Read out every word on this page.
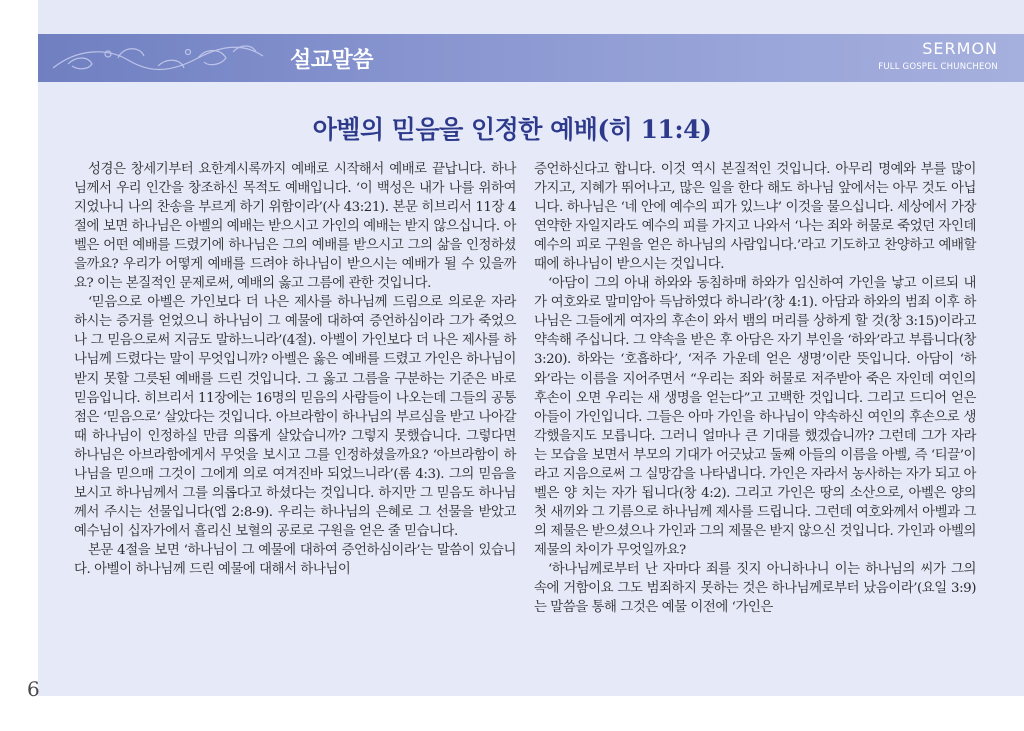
설교말씀	SERMON
FULL GOSPEL CHUNCHEON
아벨의 믿음을 인정한 예배(히 11:4)

성경은 창세기부터 요한계시록까지 예배로 시작해서 예배로 끝납니다. 하나님께서 우리 인간을 창조하신 목적도 예배입니다. ‘이 백성은 내가 나를 위하여 지었나니 나의 찬송을 부르게 하기 위함이라’(사 43:21). 본문 히브리서 11장 4절에 보면 하나님은 아벨의 예배는 받으시고 가인의 예배는 받지 않으십니다. 아벨은 어떤 예배를 드렸기에 하나님은 그의 예배를 받으시고 그의 삶을 인정하셨을까요? 우리가 어떻게 예배를 드려야 하나님이 받으시는 예배가 될 수 있을까요? 이는 본질적인 문제로써, 예배의 옳고 그름에 관한 것입니다.

‘믿음으로 아벨은 가인보다 더 나은 제사를 하나님께 드림으로 의로운 자라 하시는 증거를 얻었으니 하나님이 그 예물에 대하여 증언하심이라 그가 죽었으나 그 믿음으로써 지금도 말하느니라’(4절). 아벨이 가인보다 더 나은 제사를 하나님께 드렸다는 말이 무엇입니까? 아벨은 옳은 예배를 드렸고 가인은 하나님이 받지 못할 그릇된 예배를 드린 것입니다. 그 옳고 그름을 구분하는 기준은 바로 믿음입니다. 히브리서 11장에는 16명의 믿음의 사람들이 나오는데 그들의 공통점은 ‘믿음으로’ 살았다는 것입니다. 아브라함이 하나님의 부르심을 받고 나아갈 때 하나님이 인정하실 만큼 의롭게 살았습니까? 그렇지 못했습니다. 그렇다면 하나님은 아브라함에게서 무엇을 보시고 그를 인정하셨을까요? ‘아브라함이 하나님을 믿으매 그것이 그에게 의로 여겨진바 되었느니라’(롬 4:3). 그의 믿음을 보시고 하나님께서 그를 의롭다고 하셨다는 것입니다. 하지만 그 믿음도 하나님께서 주시는 선물입니다(엡 2:8-9). 우리는 하나님의 은혜로 그 선물을 받았고 예수님이 십자가에서 흘리신 보혈의 공로로 구원을 얻은 줄 믿습니다.

본문 4절을 보면 ‘하나님이 그 예물에 대하여 증언하심이라’는 말씀이 있습니다. 아벨이 하나님께 드린 예물에 대해서 하나님이

증언하신다고 합니다. 이것 역시 본질적인 것입니다. 아무리 명예와 부를 많이 가지고, 지혜가 뛰어나고, 많은 일을 한다 해도 하나님 앞에서는 아무 것도 아닙니다. 하나님은 ‘네 안에 예수의 피가 있느냐’ 이것을 물으십니다. 세상에서 가장 연약한 자일지라도 예수의 피를 가지고 나와서 ‘나는 죄와 허물로 죽었던 자인데 예수의 피로 구원을 얻은 하나님의 사람입니다.’라고 기도하고 찬양하고 예배할 때에 하나님이 받으시는 것입니다.

‘아담이 그의 아내 하와와 동침하매 하와가 임신하여 가인을 낳고 이르되 내가 여호와로 말미암아 득남하였다 하니라’(창 4:1). 아담과 하와의 범죄 이후 하나님은 그들에게 여자의 후손이 와서 뱀의 머리를 상하게 할 것(창 3:15)이라고 약속해 주십니다. 그 약속을 받은 후 아담은 자기 부인을 ‘하와’라고 부릅니다(창 3:20). 하와는 ‘호흡하다’, ‘저주 가운데 얻은 생명’이란 뜻입니다. 아담이 ‘하와’라는 이름을 지어주면서 “우리는 죄와 허물로 저주받아 죽은 자인데 여인의 후손이 오면 우리는 새 생명을 얻는다”고 고백한 것입니다. 그리고 드디어 얻은 아들이 가인입니다. 그들은 아마 가인을 하나님이 약속하신 여인의 후손으로 생각했을지도 모릅니다. 그러니 얼마나 큰 기대를 했겠습니까? 그런데 그가 자라는 모습을 보면서 부모의 기대가 어긋났고 둘째 아들의 이름을 아벨, 즉 ‘티끌’이라고 지음으로써 그 실망감을 나타냅니다. 가인은 자라서 농사하는 자가 되고 아벨은 양 치는 자가 됩니다(창 4:2). 그리고 가인은 땅의 소산으로, 아벨은 양의 첫 새끼와 그 기름으로 하나님께 제사를 드립니다. 그런데 여호와께서 아벨과 그의 제물은 받으셨으나 가인과 그의 제물은 받지 않으신 것입니다. 가인과 아벨의 제물의 차이가 무엇일까요?

‘하나님께로부터 난 자마다 죄를 짓지 아니하나니 이는 하나님의 씨가 그의 속에 거함이요 그도 범죄하지 못하는 것은 하나님께로부터 났음이라’(요일 3:9)는 말씀을 통해 그것은 예물 이전에 ‘가인은

6
